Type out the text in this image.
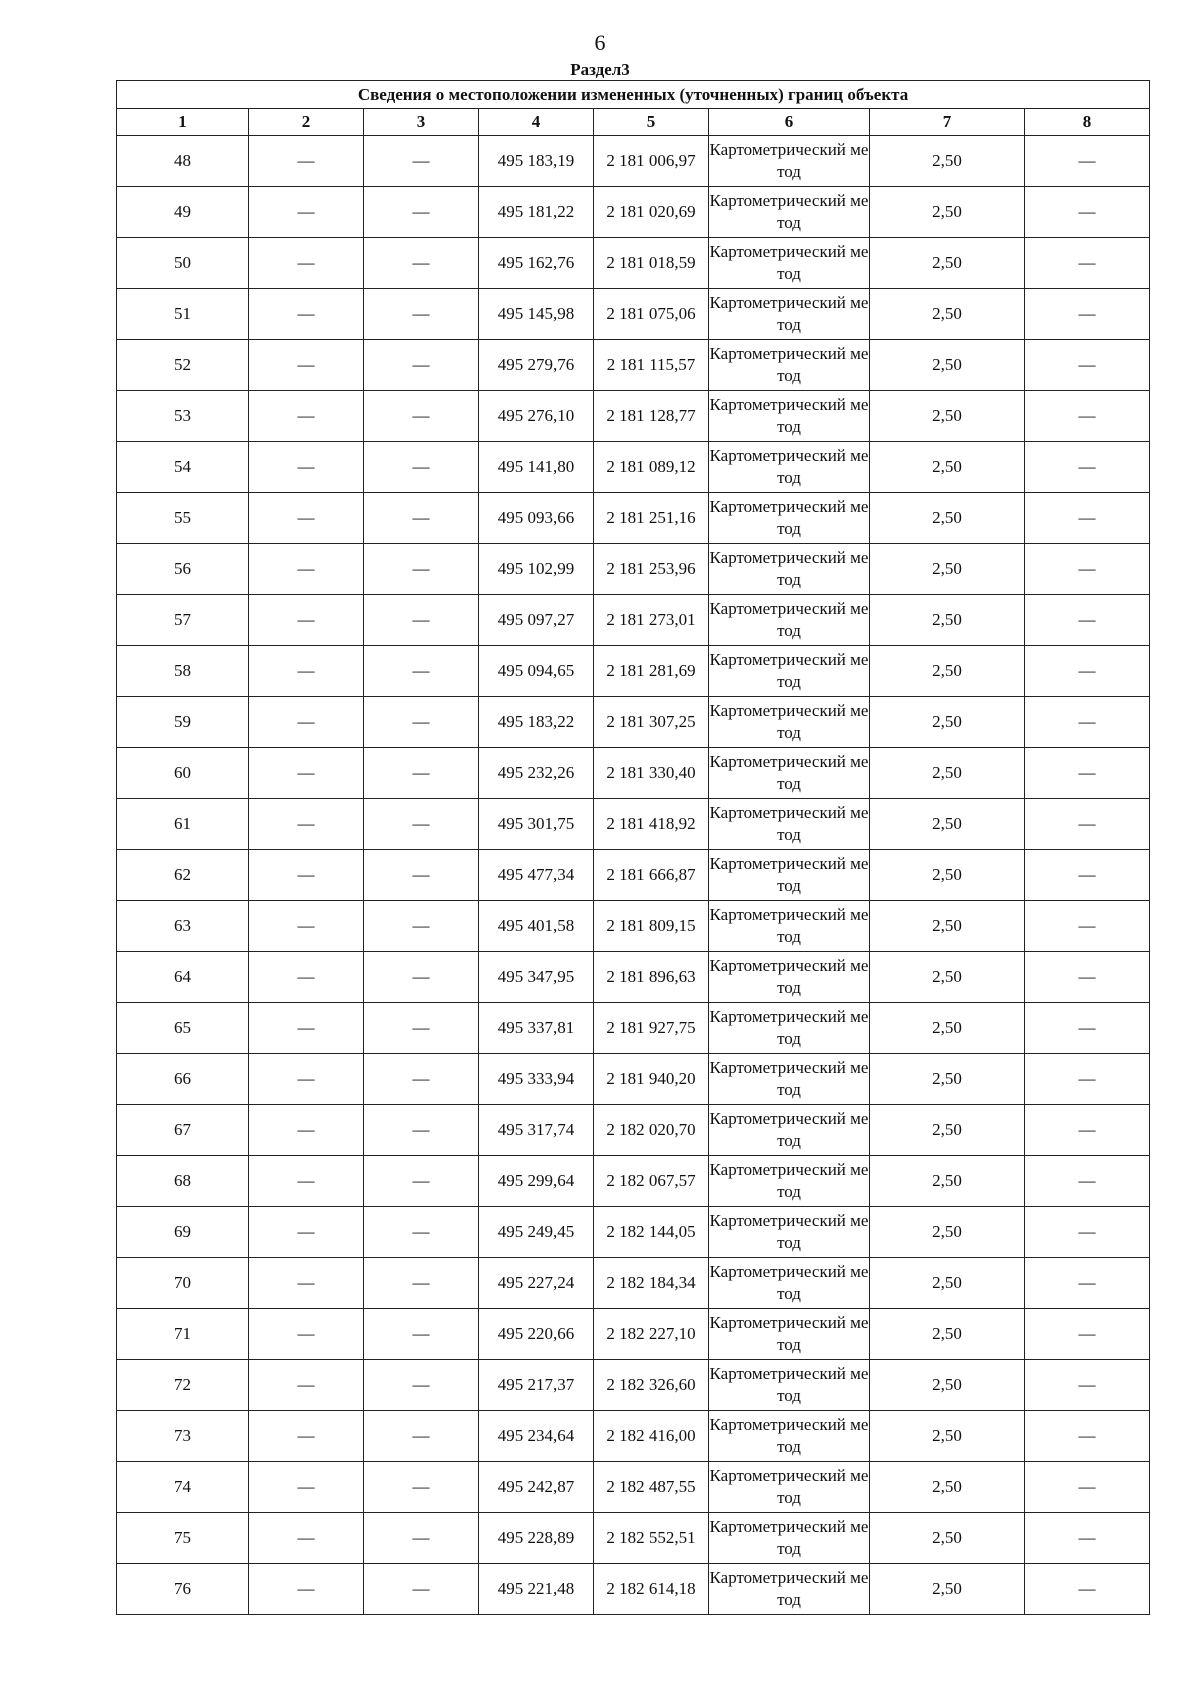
6
Раздел3
Сведения о местоположении измененных (уточненных) границ объекта							
1	2	3	4	5	6	7	8
48	—	—	495 183,19	2 181 006,97	Картометрический метод	2,50	—
49	—	—	495 181,22	2 181 020,69	Картометрический метод	2,50	—
50	—	—	495 162,76	2 181 018,59	Картометрический метод	2,50	—
51	—	—	495 145,98	2 181 075,06	Картометрический метод	2,50	—
52	—	—	495 279,76	2 181 115,57	Картометрический метод	2,50	—
53	—	—	495 276,10	2 181 128,77	Картометрический метод	2,50	—
54	—	—	495 141,80	2 181 089,12	Картометрический метод	2,50	—
55	—	—	495 093,66	2 181 251,16	Картометрический метод	2,50	—
56	—	—	495 102,99	2 181 253,96	Картометрический метод	2,50	—
57	—	—	495 097,27	2 181 273,01	Картометрический метод	2,50	—
58	—	—	495 094,65	2 181 281,69	Картометрический метод	2,50	—
59	—	—	495 183,22	2 181 307,25	Картометрический метод	2,50	—
60	—	—	495 232,26	2 181 330,40	Картометрический метод	2,50	—
61	—	—	495 301,75	2 181 418,92	Картометрический метод	2,50	—
62	—	—	495 477,34	2 181 666,87	Картометрический метод	2,50	—
63	—	—	495 401,58	2 181 809,15	Картометрический метод	2,50	—
64	—	—	495 347,95	2 181 896,63	Картометрический метод	2,50	—
65	—	—	495 337,81	2 181 927,75	Картометрический метод	2,50	—
66	—	—	495 333,94	2 181 940,20	Картометрический метод	2,50	—
67	—	—	495 317,74	2 182 020,70	Картометрический метод	2,50	—
68	—	—	495 299,64	2 182 067,57	Картометрический метод	2,50	—
69	—	—	495 249,45	2 182 144,05	Картометрический метод	2,50	—
70	—	—	495 227,24	2 182 184,34	Картометрический метод	2,50	—
71	—	—	495 220,66	2 182 227,10	Картометрический метод	2,50	—
72	—	—	495 217,37	2 182 326,60	Картометрический метод	2,50	—
73	—	—	495 234,64	2 182 416,00	Картометрический метод	2,50	—
74	—	—	495 242,87	2 182 487,55	Картометрический метод	2,50	—
75	—	—	495 228,89	2 182 552,51	Картометрический метод	2,50	—
76	—	—	495 221,48	2 182 614,18	Картометрический метод	2,50	—
